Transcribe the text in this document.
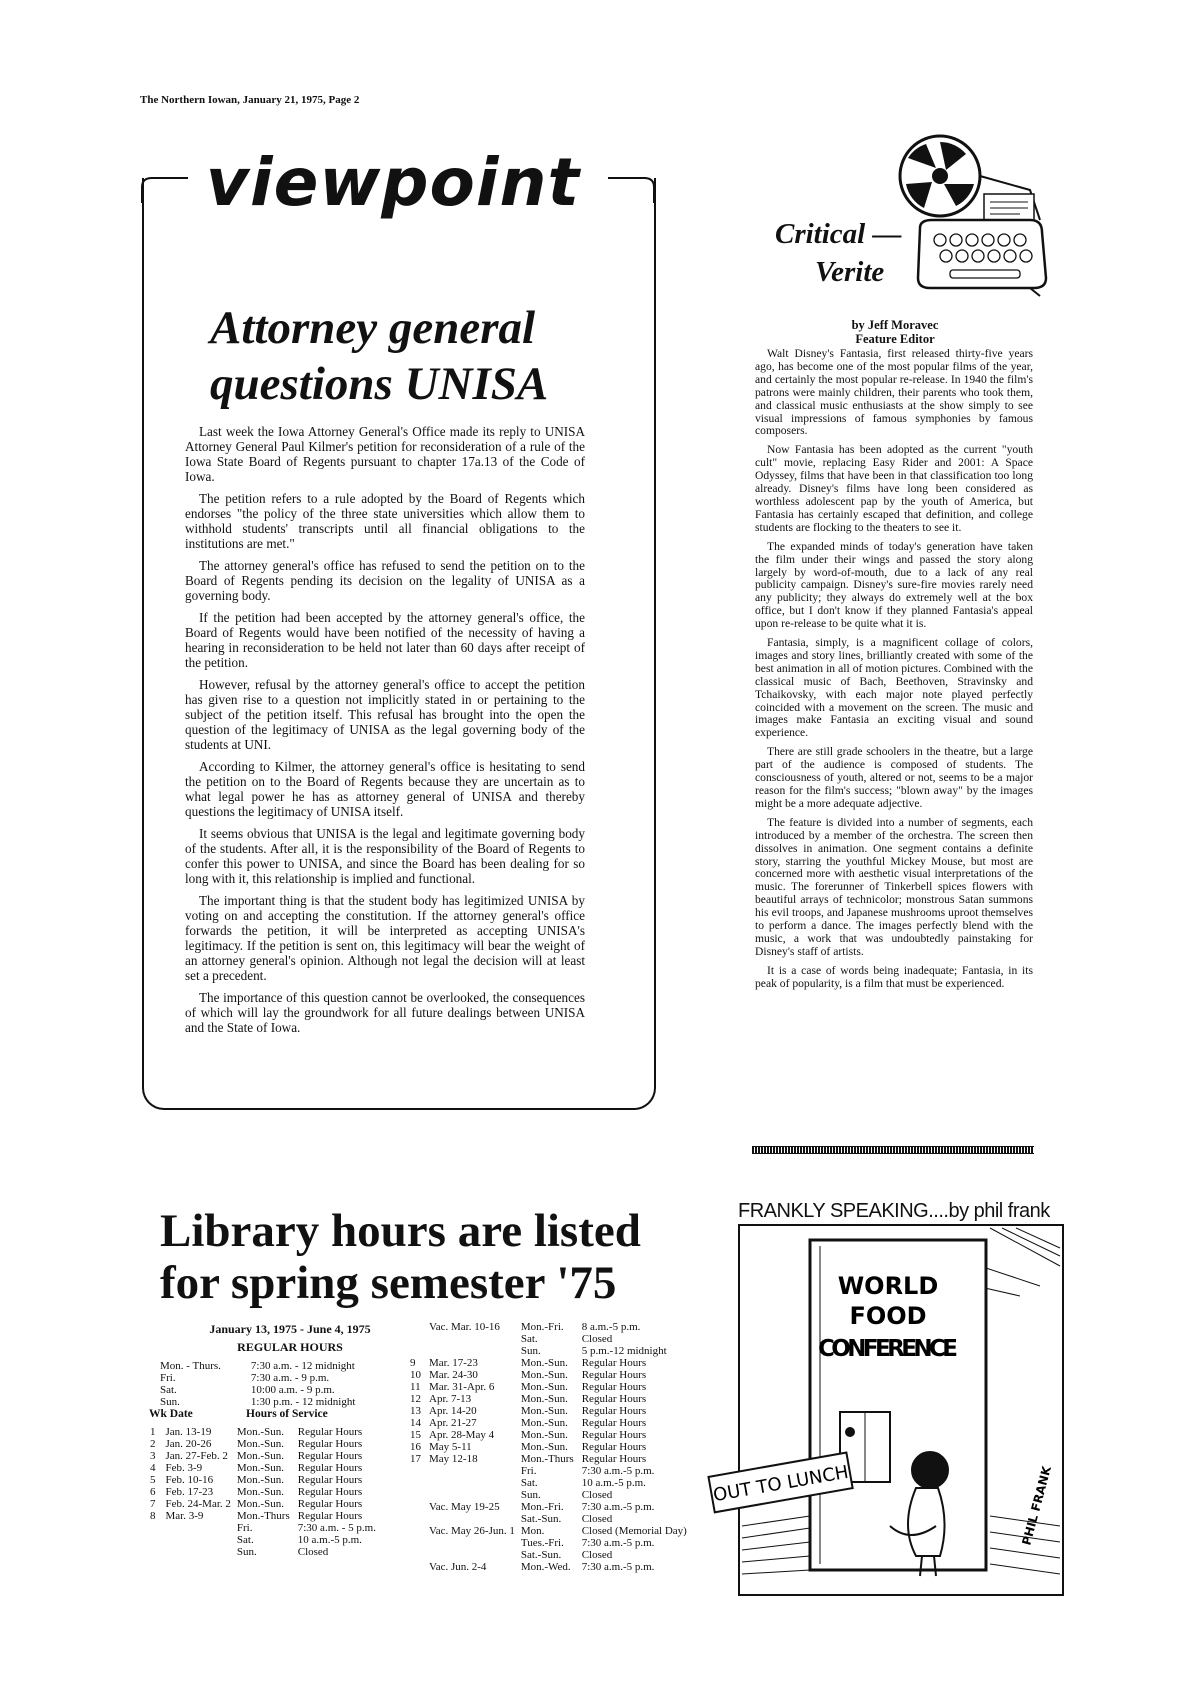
The Northern Iowan, January 21, 1975, Page 2
viewpoint
Attorney general questions UNISA

Last week the Iowa Attorney General's Office made its reply to UNISA Attorney General Paul Kilmer's petition for reconsideration of a rule of the Iowa State Board of Regents pursuant to chapter 17a.13 of the Code of Iowa.

The petition refers to a rule adopted by the Board of Regents which endorses "the policy of the three state universities which allow them to withhold students' transcripts until all financial obligations to the institutions are met."

The attorney general's office has refused to send the petition on to the Board of Regents pending its decision on the legality of UNISA as a governing body.

If the petition had been accepted by the attorney general's office, the Board of Regents would have been notified of the necessity of having a hearing in reconsideration to be held not later than 60 days after receipt of the petition.

However, refusal by the attorney general's office to accept the petition has given rise to a question not implicitly stated in or pertaining to the subject of the petition itself. This refusal has brought into the open the question of the legitimacy of UNISA as the legal governing body of the students at UNI.

According to Kilmer, the attorney general's office is hesitating to send the petition on to the Board of Regents because they are uncertain as to what legal power he has as attorney general of UNISA and thereby questions the legitimacy of UNISA itself.

It seems obvious that UNISA is the legal and legitimate governing body of the students. After all, it is the responsibility of the Board of Regents to confer this power to UNISA, and since the Board has been dealing for so long with it, this relationship is implied and functional.

The important thing is that the student body has legitimized UNISA by voting on and accepting the constitution. If the attorney general's office forwards the petition, it will be interpreted as accepting UNISA's legitimacy. If the petition is sent on, this legitimacy will bear the weight of an attorney general's opinion. Although not legal the decision will at least set a precedent.

The importance of this question cannot be overlooked, the consequences of which will lay the groundwork for all future dealings between UNISA and the State of Iowa.

Critical —
Verite
by Jeff Moravec
Feature Editor

Walt Disney's Fantasia, first released thirty-five years ago, has become one of the most popular films of the year, and certainly the most popular re-release. In 1940 the film's patrons were mainly children, their parents who took them, and classical music enthusiasts at the show simply to see visual impressions of famous symphonies by famous composers.

Now Fantasia has been adopted as the current "youth cult" movie, replacing Easy Rider and 2001: A Space Odyssey, films that have been in that classification too long already. Disney's films have long been considered as worthless adolescent pap by the youth of America, but Fantasia has certainly escaped that definition, and college students are flocking to the theaters to see it.

The expanded minds of today's generation have taken the film under their wings and passed the story along largely by word-of-mouth, due to a lack of any real publicity campaign. Disney's sure-fire movies rarely need any publicity; they always do extremely well at the box office, but I don't know if they planned Fantasia's appeal upon re-release to be quite what it is.

Fantasia, simply, is a magnificent collage of colors, images and story lines, brilliantly created with some of the best animation in all of motion pictures. Combined with the classical music of Bach, Beethoven, Stravinsky and Tchaikovsky, with each major note played perfectly coincided with a movement on the screen. The music and images make Fantasia an exciting visual and sound experience.

There are still grade schoolers in the theatre, but a large part of the audience is composed of students. The consciousness of youth, altered or not, seems to be a major reason for the film's success; "blown away" by the images might be a more adequate adjective.

The feature is divided into a number of segments, each introduced by a member of the orchestra. The screen then dissolves in animation. One segment contains a definite story, starring the youthful Mickey Mouse, but most are concerned more with aesthetic visual interpretations of the music. The forerunner of Tinkerbell spices flowers with beautiful arrays of technicolor; monstrous Satan summons his evil troops, and Japanese mushrooms uproot themselves to perform a dance. The images perfectly blend with the music, a work that was undoubtedly painstaking for Disney's staff of artists.

It is a case of words being inadequate; Fantasia, in its peak of popularity, is a film that must be experienced.

Library hours are listed
for spring semester '75
January 13, 1975 - June 4, 1975
REGULAR HOURS
Mon. - Thurs.	7:30 a.m. - 12 midnight
Fri.	7:30 a.m. - 9 p.m.
Sat.	10:00 a.m. - 9 p.m.
Sun.	1:30 p.m. - 12 midnight
Wk Date	Hours of Service
1	Jan. 13-19	Mon.-Sun.	Regular Hours
2	Jan. 20-26	Mon.-Sun.	Regular Hours
3	Jan. 27-Feb. 2	Mon.-Sun.	Regular Hours
4	Feb. 3-9	Mon.-Sun.	Regular Hours
5	Feb. 10-16	Mon.-Sun.	Regular Hours
6	Feb. 17-23	Mon.-Sun.	Regular Hours
7	Feb. 24-Mar. 2	Mon.-Sun.	Regular Hours
8	Mar. 3-9	Mon.-Thurs	Regular Hours
		Fri.	7:30 a.m. - 5 p.m.
		Sat.	10 a.m.-5 p.m.
		Sun.	Closed
	Vac. Mar. 10-16	Mon.-Fri.	8 a.m.-5 p.m.
		Sat.	Closed
		Sun.	5 p.m.-12 midnight
9	Mar. 17-23	Mon.-Sun.	Regular Hours
10	Mar. 24-30	Mon.-Sun.	Regular Hours
11	Mar. 31-Apr. 6	Mon.-Sun.	Regular Hours
12	Apr. 7-13	Mon.-Sun.	Regular Hours
13	Apr. 14-20	Mon.-Sun.	Regular Hours
14	Apr. 21-27	Mon.-Sun.	Regular Hours
15	Apr. 28-May 4	Mon.-Sun.	Regular Hours
16	May 5-11	Mon.-Sun.	Regular Hours
17	May 12-18	Mon.-Thurs	Regular Hours
		Fri.	7:30 a.m.-5 p.m.
		Sat.	10 a.m.-5 p.m.
		Sun.	Closed
	Vac. May 19-25	Mon.-Fri.	7:30 a.m.-5 p.m.
		Sat.-Sun.	Closed
	Vac. May 26-Jun. 1	Mon.	Closed (Memorial Day)
		Tues.-Fri.	7:30 a.m.-5 p.m.
		Sat.-Sun.	Closed
	Vac. Jun. 2-4	Mon.-Wed.	7:30 a.m.-5 p.m.
FRANKLY SPEAKING....by phil frank
WORLD
FOOD
CONFERENCE
OUT TO LUNCH	PHIL FRANK
